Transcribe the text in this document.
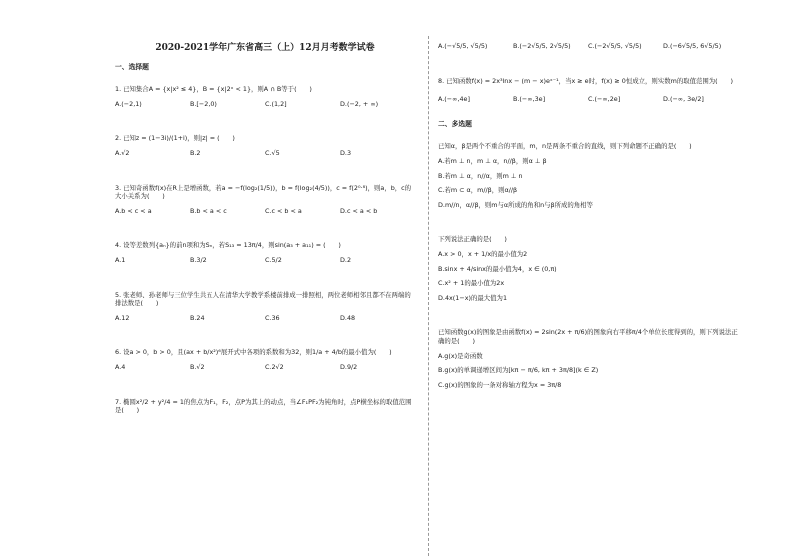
2020-2021学年广东省高三（上）12月月考数学试卷
一、选择题

1. 已知集合A = {x|x² ≤ 4}，B = {x|2ˣ < 1}，则A ∩ B等于(　　)

A.(−2,1)	B.[−2,0)	C.(1,2]	D.(−2, + ∞)

2. 已知z = (1−3i)/(1+i)，则|z| = (　　)

A.√2	B.2	C.√5	D.3

3. 已知奇函数f(x)在R上是增函数，若a = −f(log₂(1/5))，b = f(log₂(4/5))，c = f(2⁰·⁸)，则a，b，c的大小关系为(　　)

A.b < c < a	B.b < a < c	C.c < b < a	D.c < a < b

4. 设等差数列{aₙ}的前n项和为Sₙ，若S₁₃ = 13π/4，则sin(a₃ + a₁₁) = (　　)

A.1	B.3/2	C.5/2	D.2

5. 张老师、孙老师与三位学生共五人在清华大学教学系楼前排成一排照相，两位老师相邻且都不在两端的排法数是(　　)

A.12	B.24	C.36	D.48

6. 设a > 0，b > 0，且(ax + b/x²)⁶展开式中各项的系数和为32，则1/a + 4/b的最小值为(　　)

A.4	B.√2	C.2√2	D.9/2

7. 椭圆x²/2 + y²/4 = 1的焦点为F₁，F₂，点P为其上的动点，当∠F₁PF₂为钝角时，点P横坐标的取值范围是(　　)

A.(−√5/5, √5/5)	B.(−2√5/5, 2√5/5)	C.(−2√5/5, √5/5)	D.(−6√5/5, 6√5/5)

8. 已知函数f(x) = 2x³lnx − (m − x)eˣ⁻¹，当x ≥ e时，f(x) ≥ 0恒成立，则实数m的取值范围为(　　)

A.(−∞,4e]	B.(−∞,3e]	C.(−∞,2e]	D.(−∞, 3e/2]
二、多选题

已知α，β是两个不重合的平面，m，n是两条不重合的直线，则下列命题不正确的是(　　)

A.若m ⊥ n，m ⊥ α，n//β，则α ⊥ β

B.若m ⊥ α，n//α，则m ⊥ n

C.若m ⊂ α，m//β，则α//β

D.m//n，α//β，则m与α所成的角和n与β所成的角相等

下列说法正确的是(　　)

A.x > 0，x + 1/x的最小值为2

B.sinx + 4/sinx的最小值为4，x ∈ (0,π)

C.x² + 1的最小值为2x

D.4x(1−x)的最大值为1

已知函数g(x)的图象是由函数f(x) = 2sin(2x + π/6)的图象向右平移π/4个单位长度得到的，则下列说法正确的是(　　)

A.g(x)是奇函数

B.g(x)的单调递增区间为[kπ − π/6, kπ + 3π/8](k ∈ Z)

C.g(x)的图象的一条对称轴方程为x = 3π/8
